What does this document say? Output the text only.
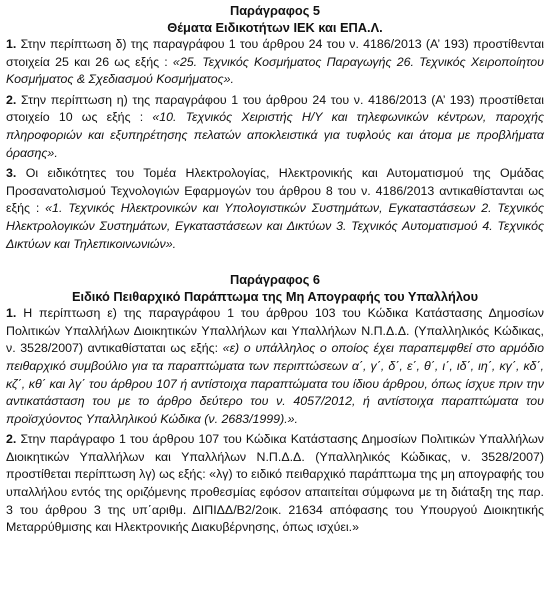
Παράγραφος 5

Θέματα Ειδικοτήτων ΙΕΚ και ΕΠΑ.Λ.

1. Στην περίπτωση δ) της παραγράφου 1 του άρθρου 24 του ν. 4186/2013 (Α’ 193) προστίθενται στοιχεία 25 και 26 ως εξής : «25. Τεχνικός Κοσμήματος Παραγωγής 26. Τεχνικός Χειροποίητου Κοσμήματος & Σχεδιασμού Κοσμήματος».

2. Στην περίπτωση η) της παραγράφου 1 του άρθρου 24 του ν. 4186/2013 (Α’ 193) προστίθεται στοιχείο 10 ως εξής : «10. Τεχνικός Χειριστής Η/Υ και τηλεφωνικών κέντρων, παροχής πληροφοριών και εξυπηρέτησης πελατών αποκλειστικά για τυφλούς και άτομα με προβλήματα όρασης».

3. Οι ειδικότητες του Τομέα Ηλεκτρολογίας, Ηλεκτρονικής και Αυτοματισμού της Ομάδας Προσανατολισμού Τεχνολογιών Εφαρμογών του άρθρου 8 του ν. 4186/2013 αντικαθίστανται ως εξής : «1. Τεχνικός Ηλεκτρονικών και Υπολογιστικών Συστημάτων, Εγκαταστάσεων 2. Τεχνικός Ηλεκτρολογικών Συστημάτων, Εγκαταστάσεων και Δικτύων 3. Τεχνικός Αυτοματισμού 4. Τεχνικός Δικτύων και Τηλεπικοινωνιών».

Παράγραφος 6

Ειδικό Πειθαρχικό Παράπτωμα της Μη Απογραφής του Υπαλλήλου

1. Η περίπτωση ε) της παραγράφου 1 του άρθρου 103 του Κώδικα Κατάστασης Δημοσίων Πολιτικών Υπαλλήλων Διοικητικών Υπαλλήλων και Υπαλλήλων Ν.Π.Δ.Δ. (Υπαλληλικός Κώδικας, ν. 3528/2007) αντικαθίσταται ως εξής: «ε) ο υπάλληλος ο οποίος έχει παραπεμφθεί στο αρμόδιο πειθαρχικό συμβούλιο για τα παραπτώματα των περιπτώσεων α΄, γ΄, δ΄, ε΄, θ΄, ι΄, ιδ΄, ιη΄, κγ΄, κδ΄, κζ΄, κθ΄ και λγ΄ του άρθρου 107 ή αντίστοιχα παραπτώματα του ίδιου άρθρου, όπως ίσχυε πριν την αντικατάσταση του με το άρθρο δεύτερο του ν. 4057/2012, ή αντίστοιχα παραπτώματα του προϊσχύοντος Υπαλληλικού Κώδικα (ν. 2683/1999).».

2. Στην παράγραφο 1 του άρθρου 107 του Κώδικα Κατάστασης Δημοσίων Πολιτικών Υπαλλήλων Διοικητικών Υπαλλήλων και Υπαλλήλων Ν.Π.Δ.Δ. (Υπαλληλικός Κώδικας, ν. 3528/2007) προστίθεται περίπτωση λγ) ως εξής: «λγ) το ειδικό πειθαρχικό παράπτωμα της μη απογραφής του υπαλλήλου εντός της οριζόμενης προθεσμίας εφόσον απαιτείται σύμφωνα με τη διάταξη της παρ. 3 του άρθρου 3 της υπ΄αριθμ. ΔΙΠΙΔΔ/Β2/2οικ. 21634 απόφασης του Υπουργού Διοικητικής Μεταρρύθμισης και Ηλεκτρονικής Διακυβέρνησης, όπως ισχύει.»
